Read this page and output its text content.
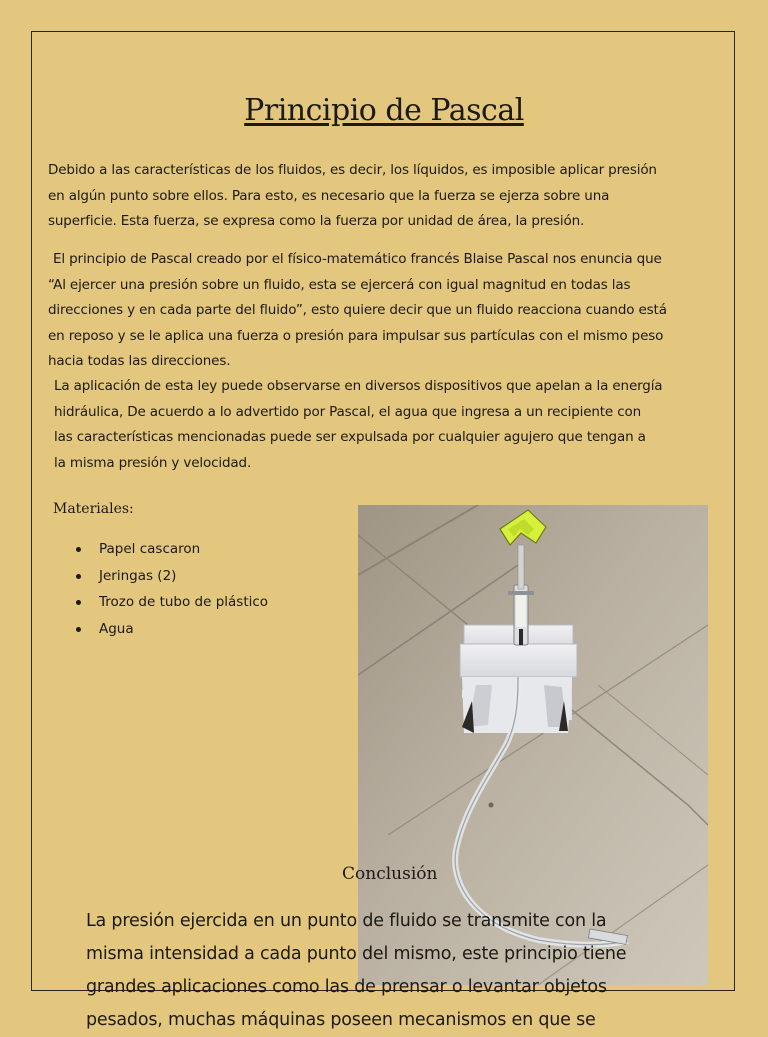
Principio de Pascal

Debido a las características de los fluidos, es decir, los líquidos, es imposible aplicar presión
en algún punto sobre ellos. Para esto, es necesario que la fuerza se ejerza sobre una
superficie. Esta fuerza, se expresa como la fuerza por unidad de área, la presión.

El principio de Pascal creado por el físico-matemático francés Blaise Pascal nos enuncia que
“Al ejercer una presión sobre un fluido, esta se ejercerá con igual magnitud en todas las
direcciones y en cada parte del fluido”, esto quiere decir que un fluido reacciona cuando está
en reposo y se le aplica una fuerza o presión para impulsar sus partículas con el mismo peso
hacia todas las direcciones.

La aplicación de esta ley puede observarse en diversos dispositivos que apelan a la energía
hidráulica, De acuerdo a lo advertido por Pascal, el agua que ingresa a un recipiente con
las características mencionadas puede ser expulsada por cualquier agujero que tengan a
la misma presión y velocidad.

Materiales:
Papel cascaron
Jeringas (2)
Trozo de tubo de plástico
Agua
Conclusión

La presión ejercida en un punto de fluido se transmite con la
misma intensidad a cada punto del mismo, este principio tiene
grandes aplicaciones como las de prensar o levantar objetos
pesados, muchas máquinas poseen mecanismos en que se
